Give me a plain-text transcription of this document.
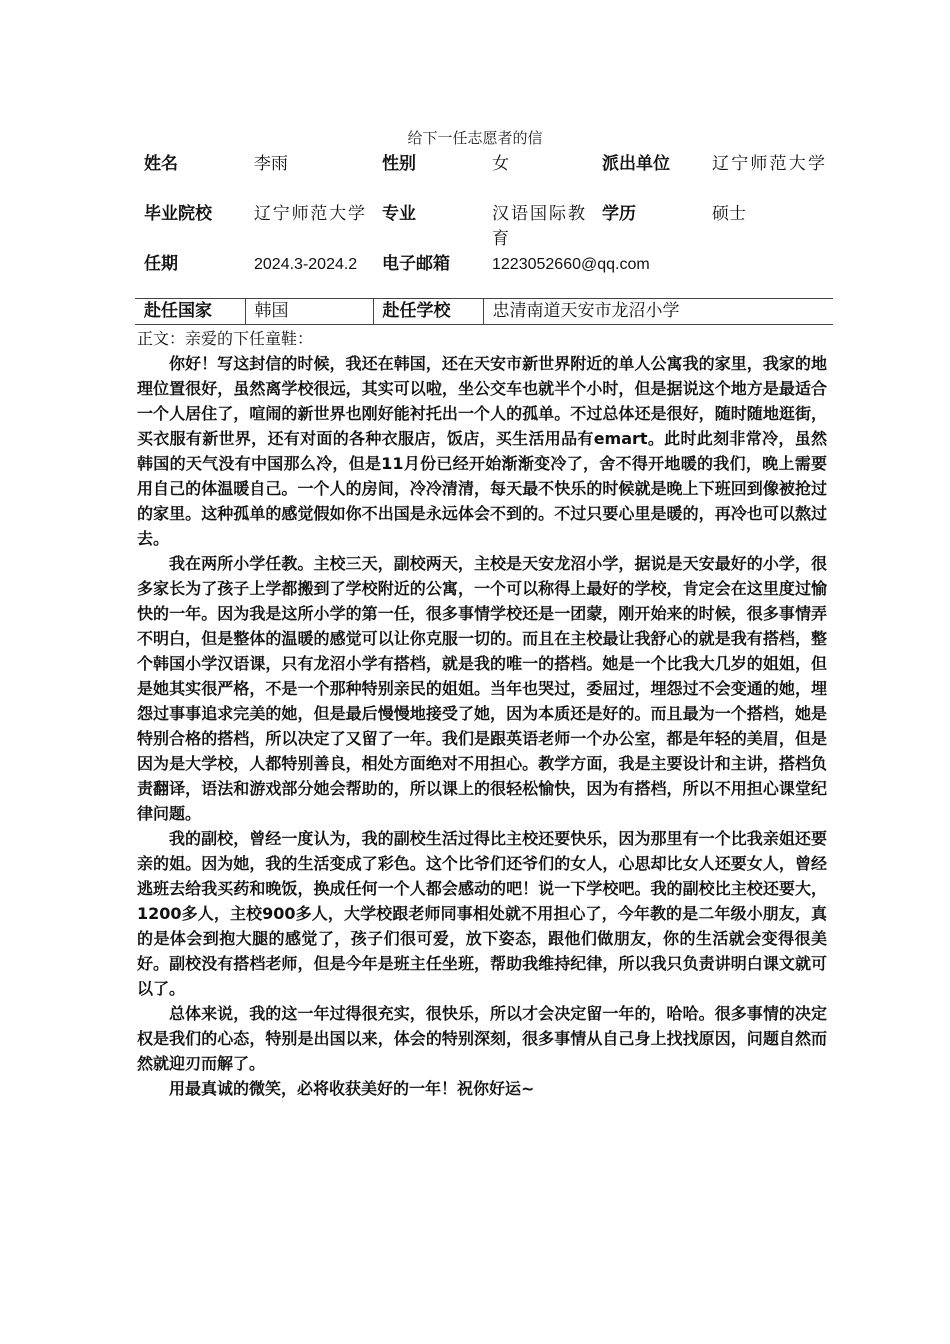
给下一任志愿者的信
姓名	李雨	性别	女	派出单位	辽宁师范大学
毕业院校	辽宁师范大学	专业	汉语国际教育	学历	硕士
任期	2024.3-2024.2	电子邮箱	1223052660@qq.com		
赴任国家	韩国	赴任学校	忠清南道天安市龙沼小学		

正文：亲爱的下任童鞋：

你好！写这封信的时候，我还在韩国，还在天安市新世界附近的单人公寓我的家里，我家的地理位置很好，虽然离学校很远，其实可以啦，坐公交车也就半个小时，但是据说这个地方是最适合一个人居住了，喧闹的新世界也刚好能衬托出一个人的孤单。不过总体还是很好，随时随地逛街，买衣服有新世界，还有对面的各种衣服店，饭店，买生活用品有emart。此时此刻非常冷，虽然韩国的天气没有中国那么冷，但是11月份已经开始渐渐变冷了，舍不得开地暖的我们，晚上需要用自己的体温暖自己。一个人的房间，冷冷清清，每天最不快乐的时候就是晚上下班回到像被抢过的家里。这种孤单的感觉假如你不出国是永远体会不到的。不过只要心里是暖的，再冷也可以熬过去。

我在两所小学任教。主校三天，副校两天，主校是天安龙沼小学，据说是天安最好的小学，很多家长为了孩子上学都搬到了学校附近的公寓，一个可以称得上最好的学校，肯定会在这里度过愉快的一年。因为我是这所小学的第一任，很多事情学校还是一团蒙，刚开始来的时候，很多事情弄不明白，但是整体的温暖的感觉可以让你克服一切的。而且在主校最让我舒心的就是我有搭档，整个韩国小学汉语课，只有龙沼小学有搭档，就是我的唯一的搭档。她是一个比我大几岁的姐姐，但是她其实很严格，不是一个那种特别亲民的姐姐。当年也哭过，委屈过，埋怨过不会变通的她，埋怨过事事追求完美的她，但是最后慢慢地接受了她，因为本质还是好的。而且最为一个搭档，她是特别合格的搭档，所以决定了又留了一年。我们是跟英语老师一个办公室，都是年轻的美眉，但是因为是大学校，人都特别善良，相处方面绝对不用担心。教学方面，我是主要设计和主讲，搭档负责翻译，语法和游戏部分她会帮助的，所以课上的很轻松愉快，因为有搭档，所以不用担心课堂纪律问题。

我的副校，曾经一度认为，我的副校生活过得比主校还要快乐，因为那里有一个比我亲姐还要亲的姐。因为她，我的生活变成了彩色。这个比爷们还爷们的女人，心思却比女人还要女人，曾经逃班去给我买药和晚饭，换成任何一个人都会感动的吧！说一下学校吧。我的副校比主校还要大，1200多人，主校900多人，大学校跟老师同事相处就不用担心了，今年教的是二年级小朋友，真的是体会到抱大腿的感觉了，孩子们很可爱，放下姿态，跟他们做朋友，你的生活就会变得很美好。副校没有搭档老师，但是今年是班主任坐班，帮助我维持纪律，所以我只负责讲明白课文就可以了。

总体来说，我的这一年过得很充实，很快乐，所以才会决定留一年的，哈哈。很多事情的决定权是我们的心态，特别是出国以来，体会的特别深刻，很多事情从自己身上找找原因，问题自然而然就迎刃而解了。

用最真诚的微笑，必将收获美好的一年！祝你好运~
